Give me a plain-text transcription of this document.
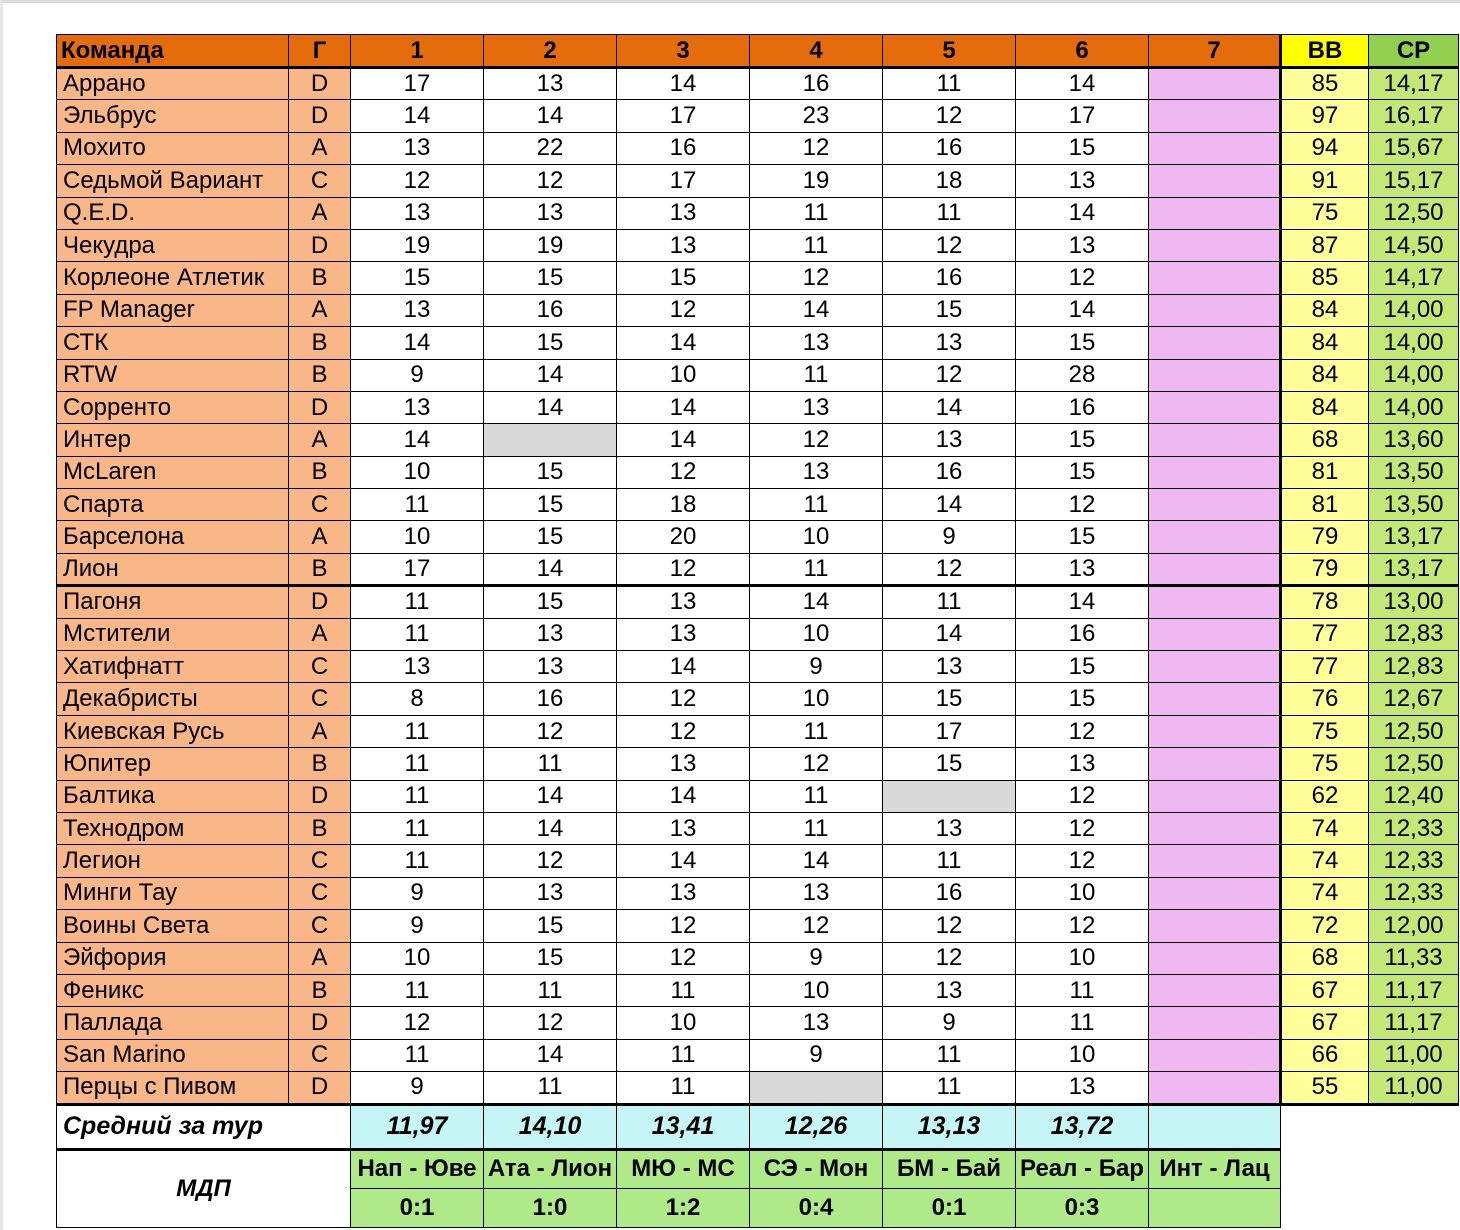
Команда	Г	1	2	3	4	5	6	7	ВВ	СР
Аррано	D	17	13	14	16	11	14		85	14,17
Эльбрус	D	14	14	17	23	12	17		97	16,17
Мохито	A	13	22	16	12	16	15		94	15,67
Седьмой Вариант	C	12	12	17	19	18	13		91	15,17
Q.E.D.	A	13	13	13	11	11	14		75	12,50
Чекудра	D	19	19	13	11	12	13		87	14,50
Корлеоне Атлетик	B	15	15	15	12	16	12		85	14,17
FP Manager	A	13	16	12	14	15	14		84	14,00
СТК	B	14	15	14	13	13	15		84	14,00
RTW	B	9	14	10	11	12	28		84	14,00
Сорренто	D	13	14	14	13	14	16		84	14,00
Интер	A	14		14	12	13	15		68	13,60
McLaren	B	10	15	12	13	16	15		81	13,50
Спарта	C	11	15	18	11	14	12		81	13,50
Барселона	A	10	15	20	10	9	15		79	13,17
Лион	B	17	14	12	11	12	13		79	13,17
Пагоня	D	11	15	13	14	11	14		78	13,00
Мстители	A	11	13	13	10	14	16		77	12,83
Хатифнатт	C	13	13	14	9	13	15		77	12,83
Декабристы	C	8	16	12	10	15	15		76	12,67
Киевская Русь	A	11	12	12	11	17	12		75	12,50
Юпитер	B	11	11	13	12	15	13		75	12,50
Балтика	D	11	14	14	11		12		62	12,40
Технодром	B	11	14	13	11	13	12		74	12,33
Легион	C	11	12	14	14	11	12		74	12,33
Минги Тау	C	9	13	13	13	16	10		74	12,33
Воины Света	C	9	15	12	12	12	12		72	12,00
Эйфория	A	10	15	12	9	12	10		68	11,33
Феникс	B	11	11	11	10	13	11		67	11,17
Паллада	D	12	12	10	13	9	11		67	11,17
San Marino	C	11	14	11	9	11	10		66	11,00
Перцы с Пивом	D	9	11	11		11	13		55	11,00
Средний за тур		11,97	14,10	13,41	12,26	13,13	13,72			
МДП		Нап - Юве	Ата - Лион	МЮ - МС	СЭ - Мон	БМ - Бай	Реал - Бар	Инт - Лац		
		0:1	1:0	1:2	0:4	0:1	0:3			
